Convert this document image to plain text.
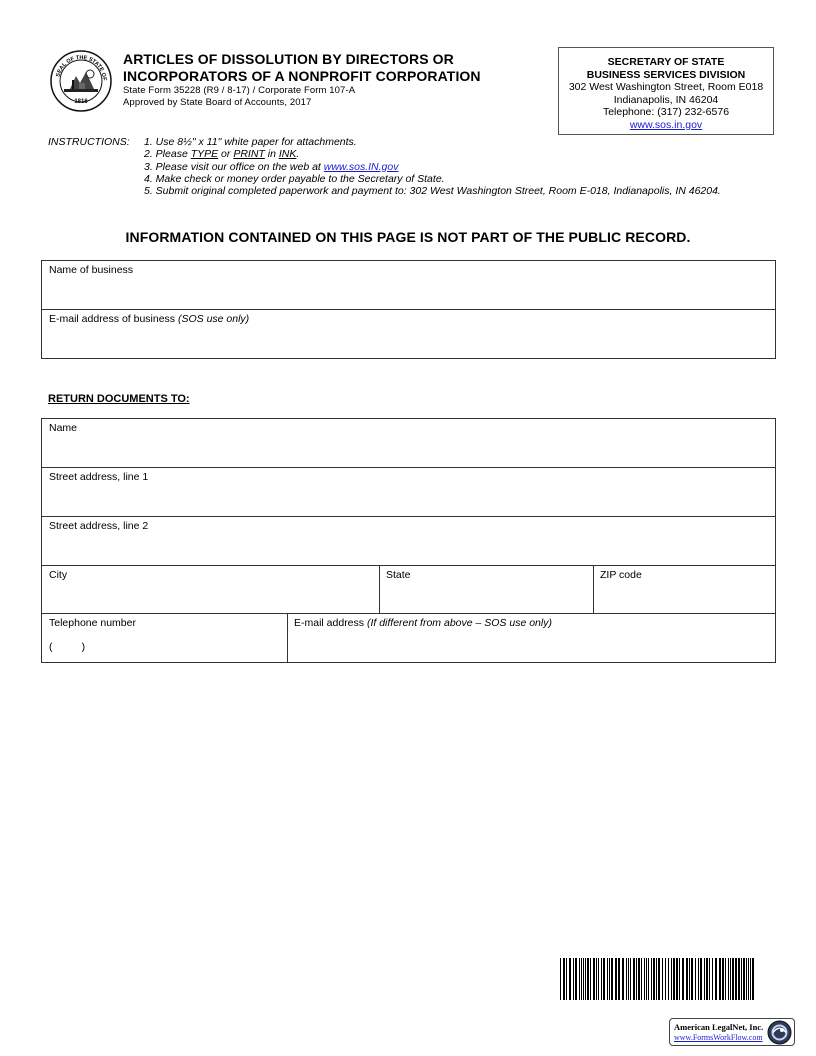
SEAL OF THE STATE OF
1816
ARTICLES OF DISSOLUTION BY DIRECTORS OR
INCORPORATORS OF A NONPROFIT CORPORATION
State Form 35228 (R9 / 8-17) / Corporate Form 107-A
Approved by State Board of Accounts, 2017
SECRETARY OF STATE
BUSINESS SERVICES DIVISION
302 West Washington Street, Room E018
Indianapolis, IN 46204
Telephone: (317) 232-6576
www.sos.in.gov
INSTRUCTIONS: 1. Use 8½" x 11" white paper for attachments.
2. Please TYPE or PRINT in INK.
3. Please visit our office on the web at www.sos.IN.gov
4. Make check or money order payable to the Secretary of State.
5. Submit original completed paperwork and payment to: 302 West Washington Street, Room E-018, Indianapolis, IN 46204.
INFORMATION CONTAINED ON THIS PAGE IS NOT PART OF THE PUBLIC RECORD.
Name of business
E-mail address of business (SOS use only)
RETURN DOCUMENTS TO:
Name
Street address, line 1
Street address, line 2
City	State	ZIP code
Telephone number
(          )
E-mail address (If different from above – SOS use only)
American LegalNet, Inc.
www.FormsWorkFlow.com
